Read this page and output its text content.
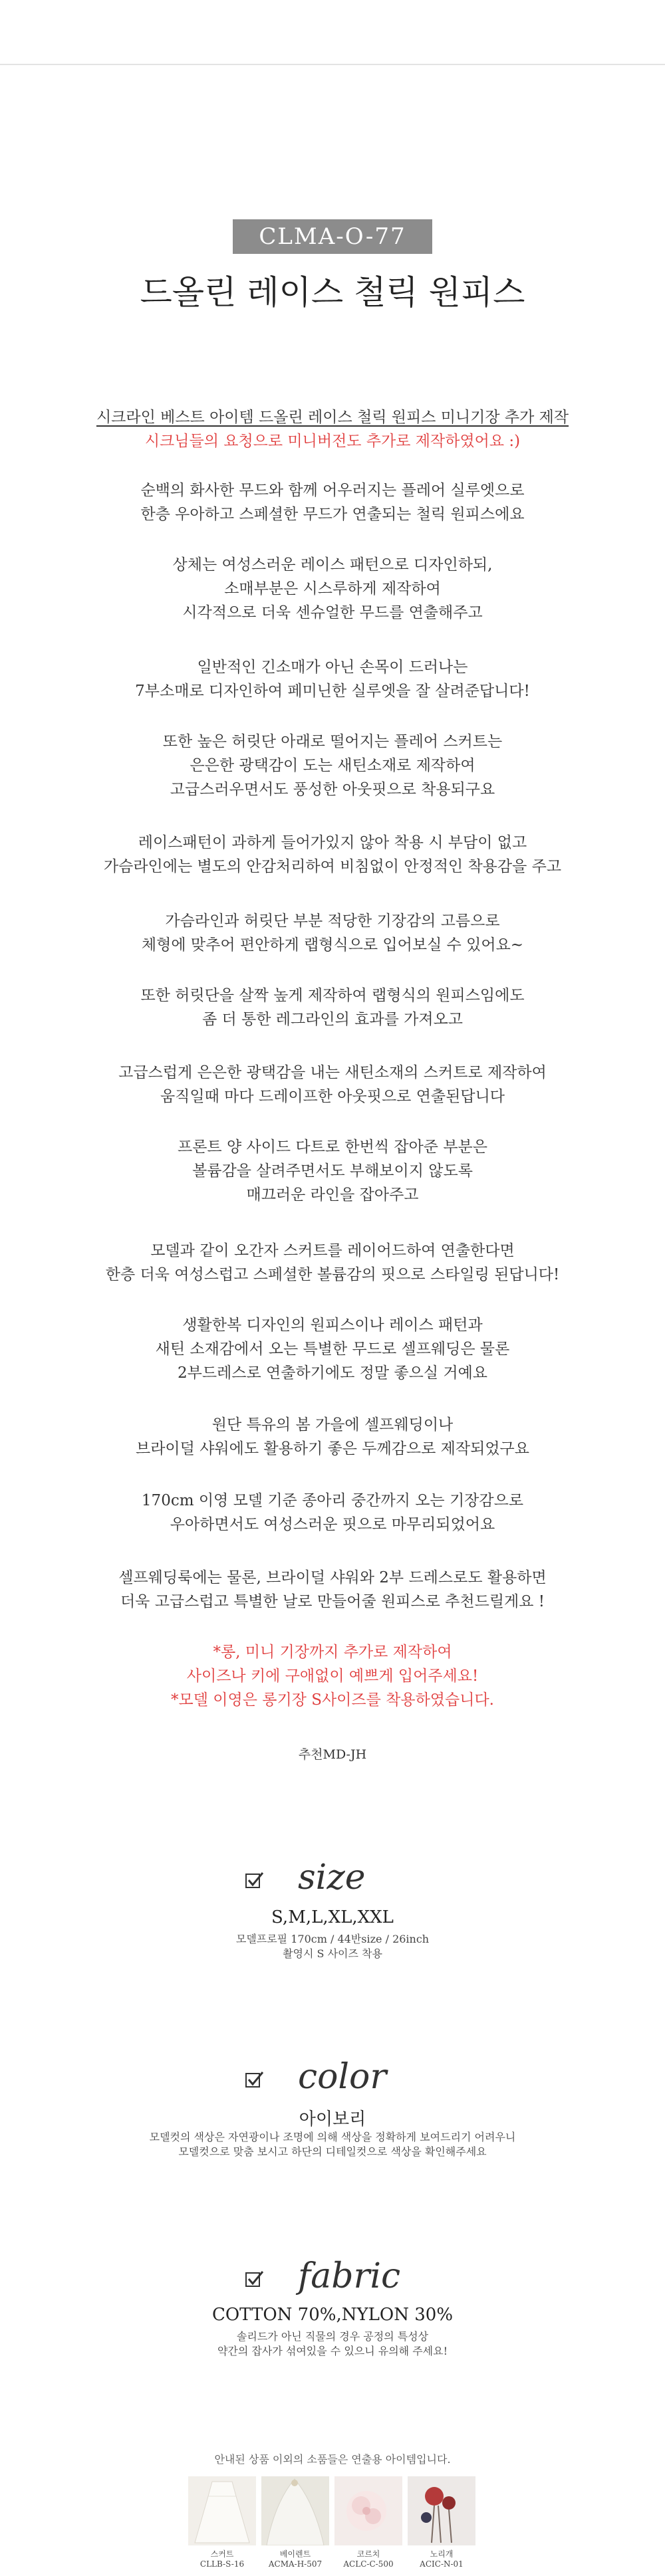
CLMA-O-77
드올린 레이스 철릭 원피스

시크라인 베스트 아이템 드올린 레이스 철릭 원피스 미니기장 추가 제작

시크님들의 요청으로 미니버전도 추가로 제작하였어요 :)

순백의 화사한 무드와 함께 어우러지는 플레어 실루엣으로

한층 우아하고 스페셜한 무드가 연출되는 철릭 원피스에요

상체는 여성스러운 레이스 패턴으로 디자인하되,

소매부분은 시스루하게 제작하여

시각적으로 더욱 센슈얼한 무드를 연출해주고

일반적인 긴소매가 아닌 손목이 드러나는

7부소매로 디자인하여 페미닌한 실루엣을 잘 살려준답니다!

또한 높은 허릿단 아래로 떨어지는 플레어 스커트는

은은한 광택감이 도는 새틴소재로 제작하여

고급스러우면서도 풍성한 아웃핏으로 착용되구요

레이스패턴이 과하게 들어가있지 않아 착용 시 부담이 없고

가슴라인에는 별도의 안감처리하여 비침없이 안정적인 착용감을 주고

가슴라인과 허릿단 부분 적당한 기장감의 고름으로

체형에 맞추어 편안하게 랩형식으로 입어보실 수 있어요~

또한 허릿단을 살짝 높게 제작하여 랩형식의 원피스임에도

좀 더 통한 레그라인의 효과를 가져오고

고급스럽게 은은한 광택감을 내는 새틴소재의 스커트로 제작하여

움직일때 마다 드레이프한 아웃핏으로 연출된답니다

프론트 양 사이드 다트로 한번씩 잡아준 부분은

볼륨감을 살려주면서도 부해보이지 않도록

매끄러운 라인을 잡아주고

모델과 같이 오간자 스커트를 레이어드하여 연출한다면

한층 더욱 여성스럽고 스페셜한 볼륨감의 핏으로 스타일링 된답니다!

생활한복 디자인의 원피스이나 레이스 패턴과

새틴 소재감에서 오는 특별한 무드로 셀프웨딩은 물론

2부드레스로 연출하기에도 정말 좋으실 거예요

원단 특유의 봄 가을에 셀프웨딩이나

브라이덜 샤워에도 활용하기 좋은 두께감으로 제작되었구요

170cm 이영 모델 기준 종아리 중간까지 오는 기장감으로

우아하면서도 여성스러운 핏으로 마무리되었어요

셀프웨딩룩에는 물론, 브라이덜 샤워와 2부 드레스로도 활용하면

더욱 고급스럽고 특별한 날로 만들어줄 원피스로 추천드릴게요 !

*롱, 미니 기장까지 추가로 제작하여

사이즈나 키에 구애없이 예쁘게 입어주세요!

*모델 이영은 롱기장 S사이즈를 착용하였습니다.

추천MD-JH
size
S,M,L,XL,XXL
모델프로필 170cm / 44반size / 26inch
촬영시 S 사이즈 착용
color
아이보리
모델컷의 색상은 자연광이나 조명에 의해 색상을 정확하게 보여드리기 어려우니
모델컷으로 맞춤 보시고 하단의 디테일컷으로 색상을 확인해주세요
fabric
COTTON 70%,NYLON 30%
솔리드가 아닌 직물의 경우 공정의 특성상
약간의 잡사가 섞여있을 수 있으니 유의해 주세요!
안내된 상품 이외의 소품들은 연출용 아이템입니다.
스커트
CLLB-S-16
베이렌트
ACMA-H-507
코르치
ACLC-C-500
노리개
ACIC-N-01
